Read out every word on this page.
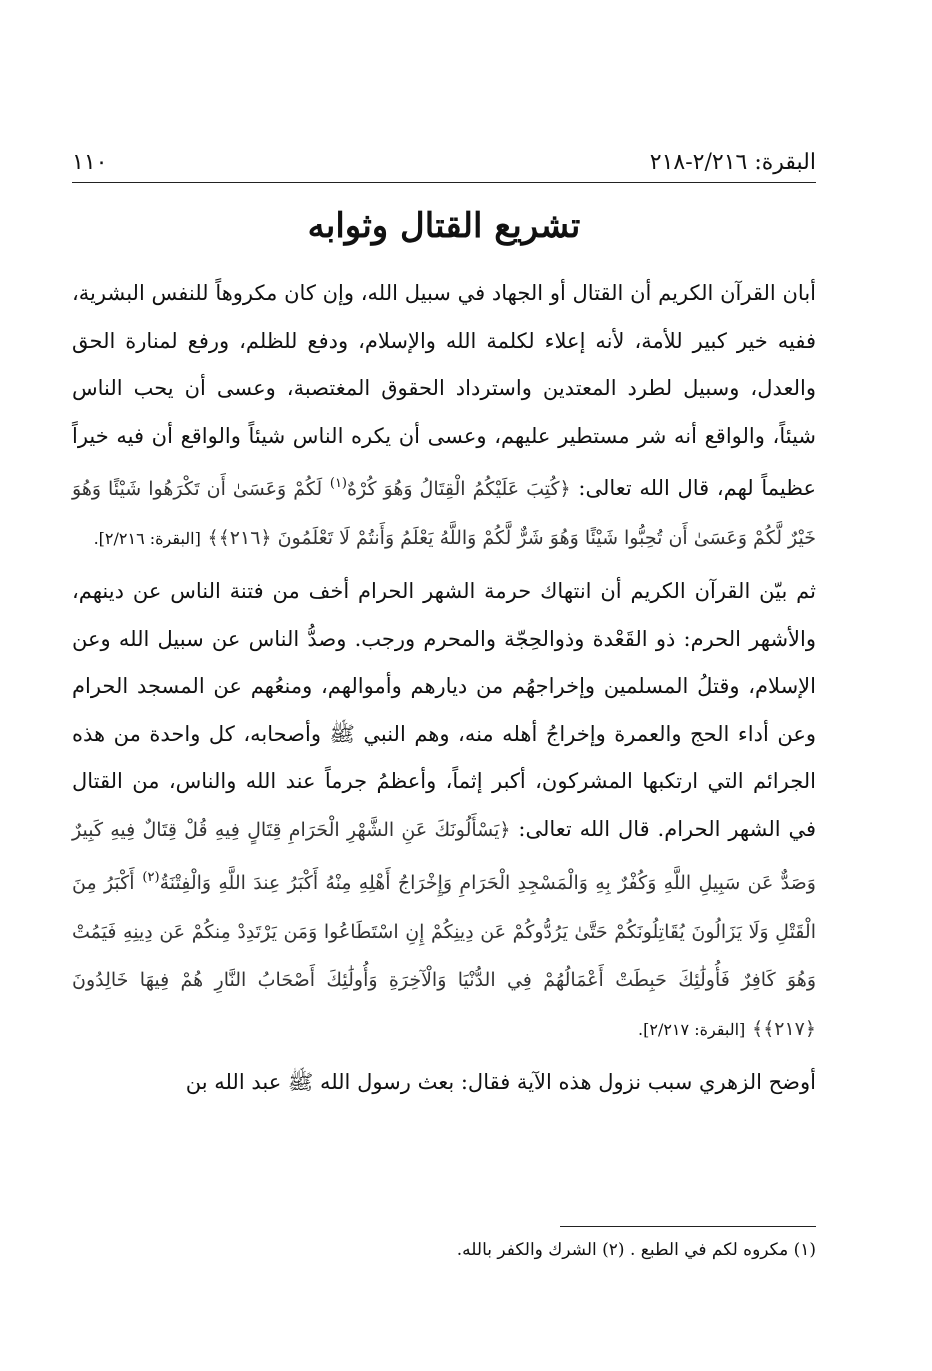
البقرة: ٢/٢١٦-٢١٨
١١٠
تشريع القتال وثوابه

أبان القرآن الكريم أن القتال أو الجهاد في سبيل الله، وإن كان مكروهاً للنفس البشرية، ففيه خير كبير للأمة، لأنه إعلاء لكلمة الله والإسلام، ودفع للظلم، ورفع لمنارة الحق والعدل، وسبيل لطرد المعتدين واسترداد الحقوق المغتصبة، وعسى أن يحب الناس شيئاً، والواقع أنه شر مستطير عليهم، وعسى أن يكره الناس شيئاً والواقع أن فيه خيراً عظيماً لهم، قال الله تعالى: ﴿كُتِبَ عَلَيْكُمُ الْقِتَالُ وَهُوَ كُرْهٌ$^{(١)}$ لَكُمْ وَعَسَىٰ أَن تَكْرَهُوا شَيْئًا وَهُوَ خَيْرٌ لَّكُمْ وَعَسَىٰ أَن تُحِبُّوا شَيْئًا وَهُوَ شَرٌّ لَّكُمْ وَاللَّهُ يَعْلَمُ وَأَنتُمْ لَا تَعْلَمُونَ ﴿٢١٦﴾﴾ [البقرة: ٢/٢١٦].

ثم بيّن القرآن الكريم أن انتهاك حرمة الشهر الحرام أخف من فتنة الناس عن دينهم، والأشهر الحرم: ذو القَعْدة وذوالحِجّة والمحرم ورجب. وصدُّ الناس عن سبيل الله وعن الإسلام، وقتلُ المسلمين وإخراجهُم من ديارهم وأموالهم، ومنعُهم عن المسجد الحرام وعن أداء الحج والعمرة وإخراجُ أهله منه، وهم النبي ﷺ وأصحابه، كل واحدة من هذه الجرائم التي ارتكبها المشركون، أكبر إثماً، وأعظمُ جرماً عند الله والناس، من القتال في الشهر الحرام. قال الله تعالى: ﴿يَسْأَلُونَكَ عَنِ الشَّهْرِ الْحَرَامِ قِتَالٍ فِيهِ قُلْ قِتَالٌ فِيهِ كَبِيرٌ وَصَدٌّ عَن سَبِيلِ اللَّهِ وَكُفْرٌ بِهِ وَالْمَسْجِدِ الْحَرَامِ وَإِخْرَاجُ أَهْلِهِ مِنْهُ أَكْبَرُ عِندَ اللَّهِ وَالْفِتْنَةُ$^{(٢)}$ أَكْبَرُ مِنَ الْقَتْلِ وَلَا يَزَالُونَ يُقَاتِلُونَكُمْ حَتَّىٰ يَرُدُّوكُمْ عَن دِينِكُمْ إِنِ اسْتَطَاعُوا وَمَن يَرْتَدِدْ مِنكُمْ عَن دِينِهِ فَيَمُتْ وَهُوَ كَافِرٌ فَأُولَٰئِكَ حَبِطَتْ أَعْمَالُهُمْ فِي الدُّنْيَا وَالْآخِرَةِ وَأُولَٰئِكَ أَصْحَابُ النَّارِ هُمْ فِيهَا خَالِدُونَ ﴿٢١٧﴾﴾ [البقرة: ٢/٢١٧].

أوضح الزهري سبب نزول هذه الآية فقال: بعث رسول الله ﷺ عبد الله بن

(١) مكروه لكم في الطبع . (٢) الشرك والكفر بالله.
